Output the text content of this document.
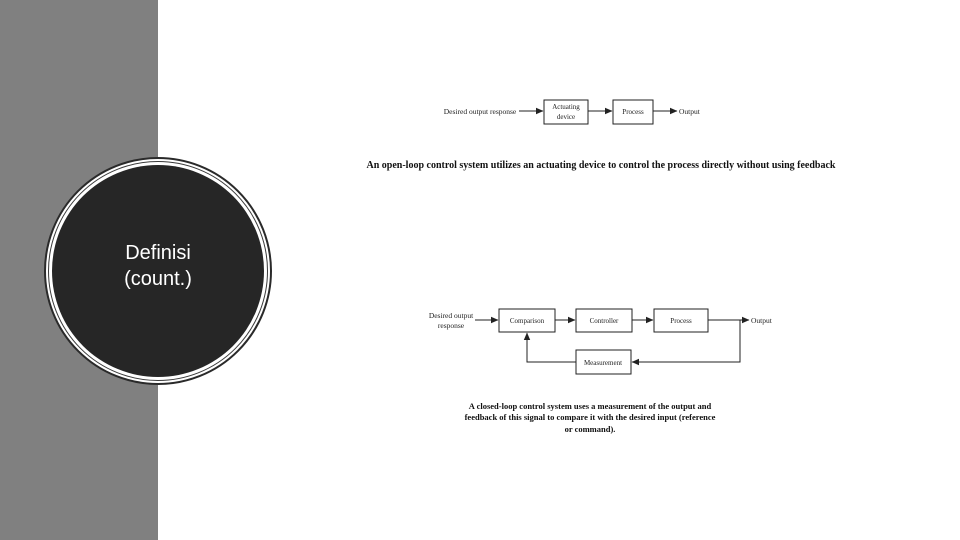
Definisi
(count.)
Desired output response	Actuating
device
Process	Output
An open-loop control system utilizes an actuating device to control the process directly without using feedback
Desired output
response	Comparison	Controller	Process	Output
Measurement
A closed-loop control system uses a measurement of the output and
feedback of this signal to compare it with the desired input (reference
or command).
